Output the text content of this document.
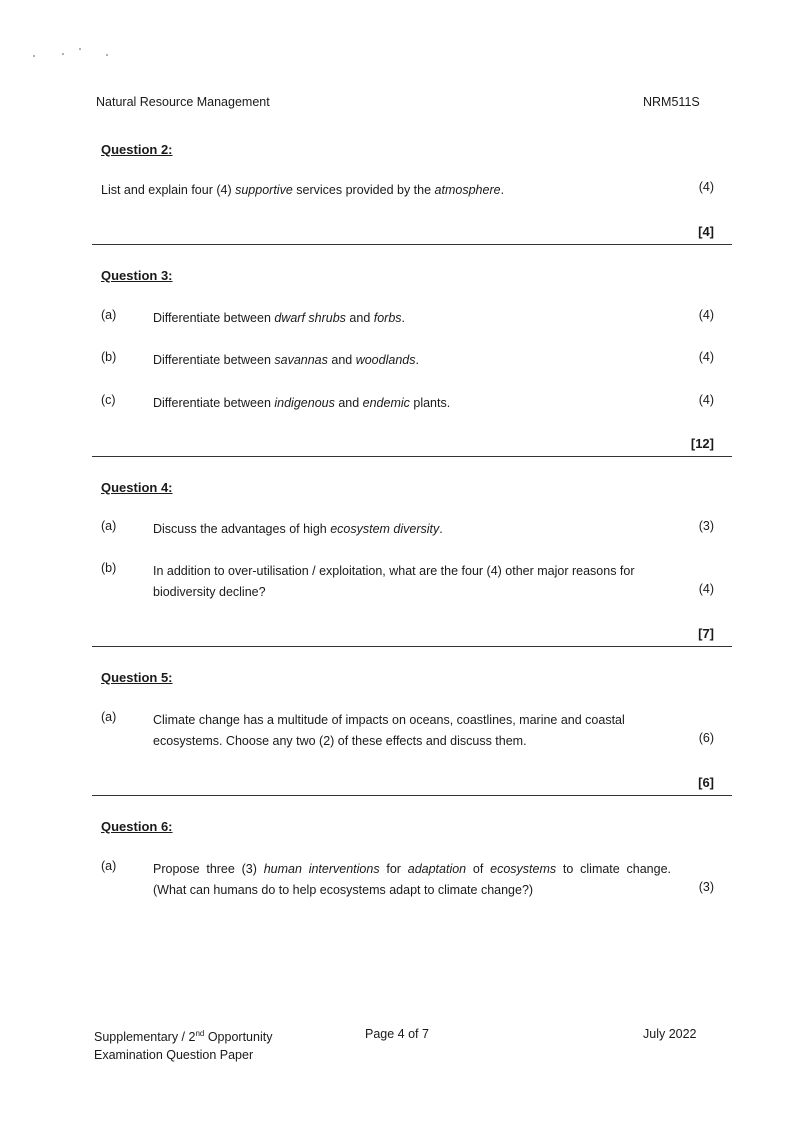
Natural Resource Management	NRM511S
Question 2:
List and explain four (4) supportive services provided by the atmosphere.	(4)
[4]
Question 3:
(a)	Differentiate between dwarf shrubs and forbs.	(4)
(b)	Differentiate between savannas and woodlands.	(4)
(c)	Differentiate between indigenous and endemic plants.	(4)
[12]
Question 4:
(a)	Discuss the advantages of high ecosystem diversity.	(3)
(b)	In addition to over-utilisation / exploitation, what are the four (4) other major reasons for biodiversity decline?	(4)
[7]
Question 5:
(a)	Climate change has a multitude of impacts on oceans, coastlines, marine and coastal ecosystems. Choose any two (2) of these effects and discuss them.	(6)
[6]
Question 6:
(a)	Propose three (3) human interventions for adaptation of ecosystems to climate change. (What can humans do to help ecosystems adapt to climate change?)	(3)
Supplementary / 2nd Opportunity
Examination Question Paper
Page 4 of 7	July 2022
